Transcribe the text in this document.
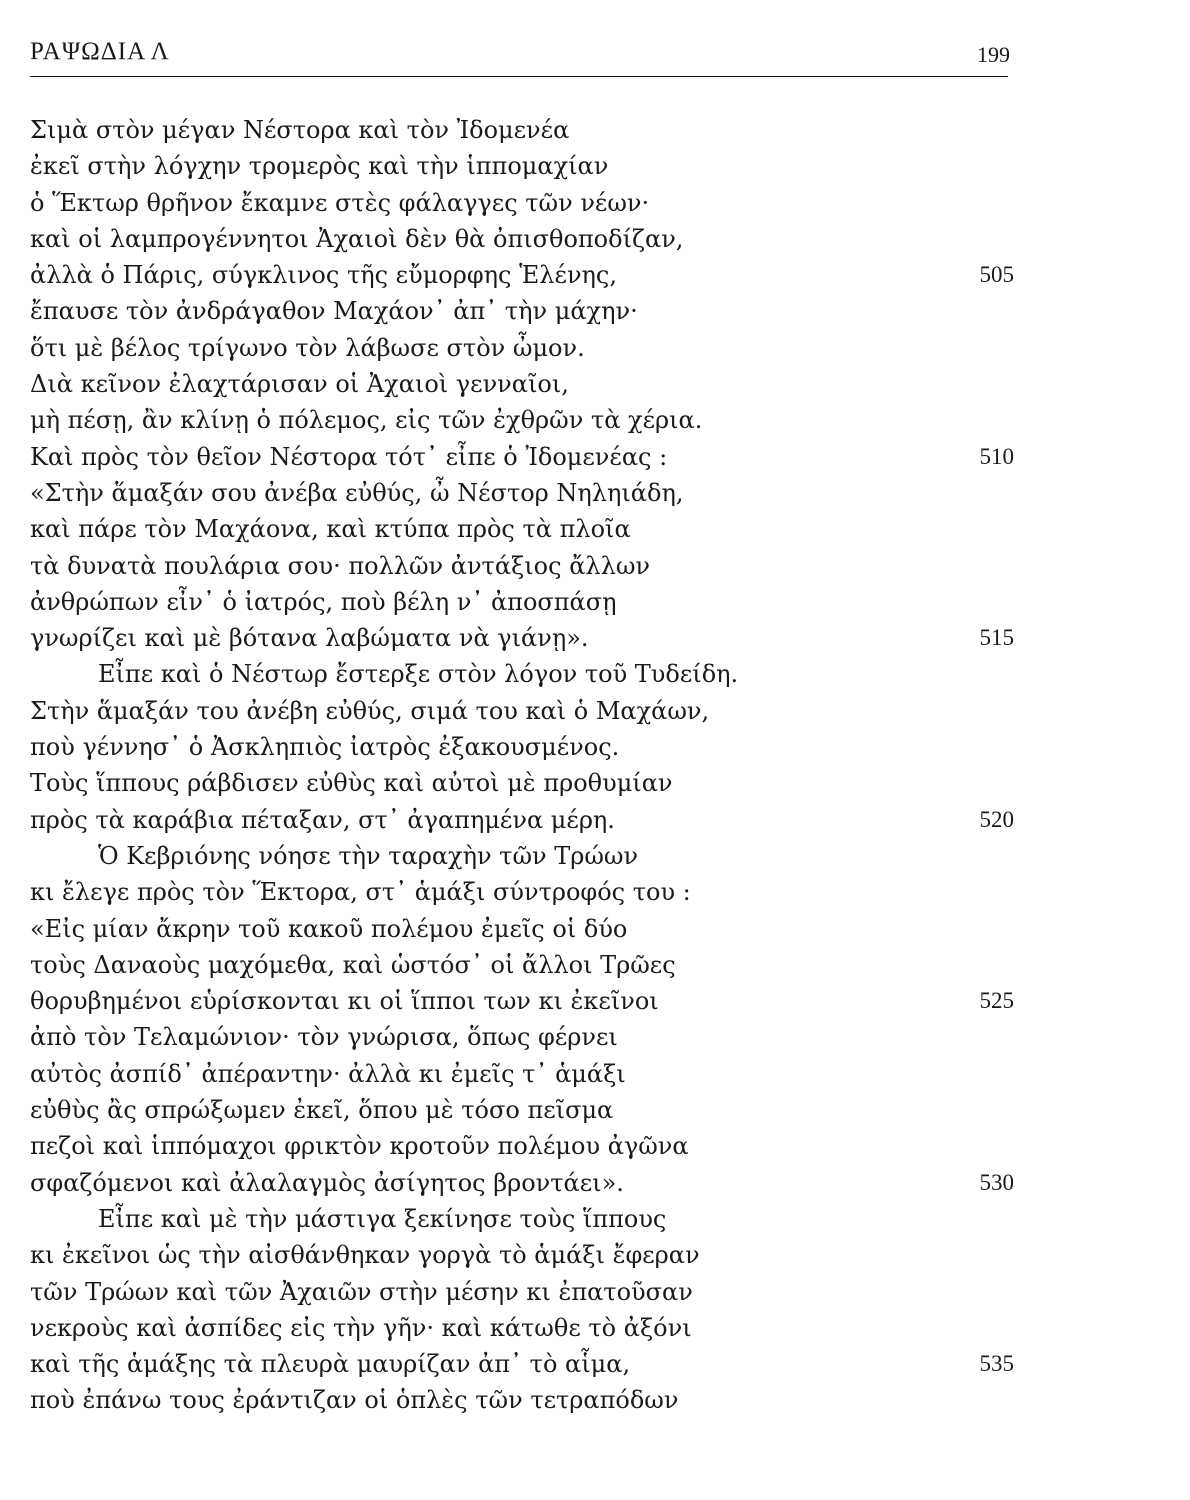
ΡΑΨΩΔΙΑ Λ	199
Σιμὰ στὸν μέγαν Νέστορα καὶ τὸν Ἰδομενέα
ἐκεῖ στὴν λόγχην τρομερὸς καὶ τὴν ἱππομαχίαν
ὁ Ἕκτωρ θρῆνον ἔκαμνε στὲς φάλαγγες τῶν νέων·
καὶ οἱ λαμπρογέννητοι Ἀχαιοὶ δὲν θὰ ὀπισθοποδίζαν,
ἀλλὰ ὁ Πάρις, σύγκλινος τῆς εὔμορφης Ἑλένης,	505
ἔπαυσε τὸν ἀνδράγαθον Μαχάον᾽ ἀπ᾽ τὴν μάχην·
ὅτι μὲ βέλος τρίγωνο τὸν λάβωσε στὸν ὦμον.
Διὰ κεῖνον ἐλαχτάρισαν οἱ Ἀχαιοὶ γενναῖοι,
μὴ πέσῃ, ἂν κλίνῃ ὁ πόλεμος, εἰς τῶν ἐχθρῶν τὰ χέρια.
Καὶ πρὸς τὸν θεῖον Νέστορα τότ᾽ εἶπε ὁ Ἰδομενέας :	510
«Στὴν ἅμαξάν σου ἀνέβα εὐθύς, ὦ Νέστορ Νηληιάδη,
καὶ πάρε τὸν Μαχάονα, καὶ κτύπα πρὸς τὰ πλοῖα
τὰ δυνατὰ πουλάρια σου· πολλῶν ἀντάξιος ἄλλων
ἀνθρώπων εἶν᾽ ὁ ἰατρός, ποὺ βέλη ν᾽ ἀποσπάσῃ
γνωρίζει καὶ μὲ βότανα λαβώματα νὰ γιάνῃ».	515
Εἶπε καὶ ὁ Νέστωρ ἔστερξε στὸν λόγον τοῦ Τυδείδη.
Στὴν ἅμαξάν του ἀνέβη εὐθύς, σιμά του καὶ ὁ Μαχάων,
ποὺ γέννησ᾽ ὁ Ἀσκληπιὸς ἰατρὸς ἐξακουσμένος.
Τοὺς ἵππους ράβδισεν εὐθὺς καὶ αὐτοὶ μὲ προθυμίαν
πρὸς τὰ καράβια πέταξαν, στ᾽ ἀγαπημένα μέρη.	520
Ὁ Κεβριόνης νόησε τὴν ταραχὴν τῶν Τρώων
κι ἔλεγε πρὸς τὸν Ἕκτορα, στ᾽ ἁμάξι σύντροφός του :
«Εἰς μίαν ἄκρην τοῦ κακοῦ πολέμου ἐμεῖς οἱ δύο
τοὺς Δαναοὺς μαχόμεθα, καὶ ὡστόσ᾽ οἱ ἄλλοι Τρῶες
θορυβημένοι εὑρίσκονται κι οἱ ἵπποι των κι ἐκεῖνοι	525
ἀπὸ τὸν Τελαμώνιον· τὸν γνώρισα, ὅπως φέρνει
αὐτὸς ἀσπίδ᾽ ἀπέραντην· ἀλλὰ κι ἐμεῖς τ᾽ ἁμάξι
εὐθὺς ἂς σπρώξωμεν ἐκεῖ, ὅπου μὲ τόσο πεῖσμα
πεζοὶ καὶ ἱππόμαχοι φρικτὸν κροτοῦν πολέμου ἀγῶνα
σφαζόμενοι καὶ ἀλαλαγμὸς ἀσίγητος βροντάει».	530
Εἶπε καὶ μὲ τὴν μάστιγα ξεκίνησε τοὺς ἵππους
κι ἐκεῖνοι ὡς τὴν αἰσθάνθηκαν γοργὰ τὸ ἁμάξι ἔφεραν
τῶν Τρώων καὶ τῶν Ἀχαιῶν στὴν μέσην κι ἐπατοῦσαν
νεκροὺς καὶ ἀσπίδες εἰς τὴν γῆν· καὶ κάτωθε τὸ ἀξόνι
καὶ τῆς ἁμάξης τὰ πλευρὰ μαυρίζαν ἀπ᾽ τὸ αἷμα,	535
ποὺ ἐπάνω τους ἐράντιζαν οἱ ὁπλὲς τῶν τετραπόδων
